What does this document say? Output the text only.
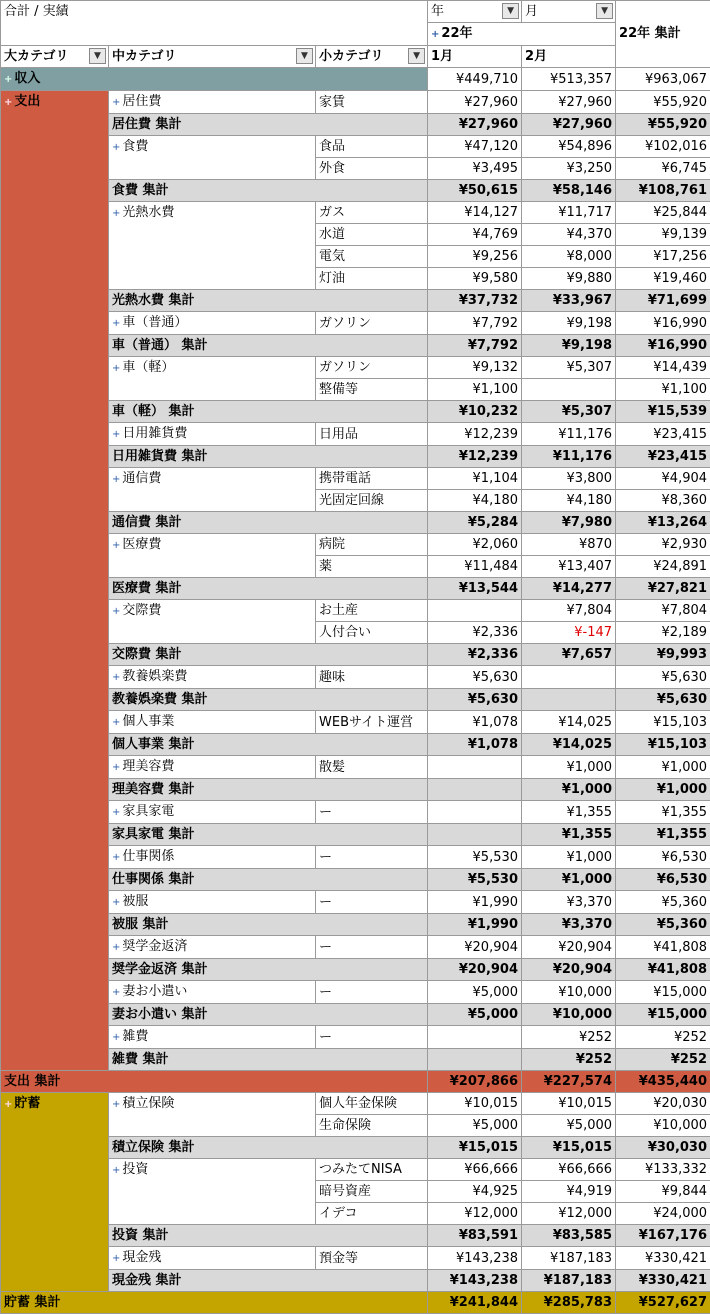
合計 / 実績			年 ▼	月 ▼	

			+ 22年		22年 集計
大カテゴリ ▼	中カテゴリ ▼	小カテゴリ ▼	1月	2月	
+ 収入			¥449,710	¥513,357	¥963,067
+ 支出	+ 居住費	家賃	¥27,960	¥27,960	¥55,920
	居住費 集計		¥27,960	¥27,960	¥55,920
	+ 食費	食品	¥47,120	¥54,896	¥102,016
		外食	¥3,495	¥3,250	¥6,745
	食費 集計		¥50,615	¥58,146	¥108,761
	+ 光熱水費	ガス	¥14,127	¥11,717	¥25,844
		水道	¥4,769	¥4,370	¥9,139
		電気	¥9,256	¥8,000	¥17,256
		灯油	¥9,580	¥9,880	¥19,460
	光熱水費 集計		¥37,732	¥33,967	¥71,699
	+ 車（普通）	ガソリン	¥7,792	¥9,198	¥16,990
	車（普通） 集計		¥7,792	¥9,198	¥16,990
	+ 車（軽）	ガソリン	¥9,132	¥5,307	¥14,439
		整備等	¥1,100		¥1,100
	車（軽） 集計		¥10,232	¥5,307	¥15,539
	+ 日用雑貨費	日用品	¥12,239	¥11,176	¥23,415
	日用雑貨費 集計		¥12,239	¥11,176	¥23,415
	+ 通信費	携帯電話	¥1,104	¥3,800	¥4,904
		光固定回線	¥4,180	¥4,180	¥8,360
	通信費 集計		¥5,284	¥7,980	¥13,264
	+ 医療費	病院	¥2,060	¥870	¥2,930
		薬	¥11,484	¥13,407	¥24,891
	医療費 集計		¥13,544	¥14,277	¥27,821
	+ 交際費	お土産		¥7,804	¥7,804
		人付合い	¥2,336	¥-147	¥2,189
	交際費 集計		¥2,336	¥7,657	¥9,993
	+ 教養娯楽費	趣味	¥5,630		¥5,630
	教養娯楽費 集計		¥5,630		¥5,630
	+ 個人事業	WEBサイト運営	¥1,078	¥14,025	¥15,103
	個人事業 集計		¥1,078	¥14,025	¥15,103
	+ 理美容費	散髪		¥1,000	¥1,000
	理美容費 集計			¥1,000	¥1,000
	+ 家具家電	ー		¥1,355	¥1,355
	家具家電 集計			¥1,355	¥1,355
	+ 仕事関係	ー	¥5,530	¥1,000	¥6,530
	仕事関係 集計		¥5,530	¥1,000	¥6,530
	+ 被服	ー	¥1,990	¥3,370	¥5,360
	被服 集計		¥1,990	¥3,370	¥5,360
	+ 奨学金返済	ー	¥20,904	¥20,904	¥41,808
	奨学金返済 集計		¥20,904	¥20,904	¥41,808
	+ 妻お小遣い	ー	¥5,000	¥10,000	¥15,000
	妻お小遣い 集計		¥5,000	¥10,000	¥15,000
	+ 雑費	ー		¥252	¥252
	雑費 集計			¥252	¥252
支出 集計			¥207,866	¥227,574	¥435,440
+ 貯蓄	+ 積立保険	個人年金保険	¥10,015	¥10,015	¥20,030
		生命保険	¥5,000	¥5,000	¥10,000
	積立保険 集計		¥15,015	¥15,015	¥30,030
	+ 投資	つみたてNISA	¥66,666	¥66,666	¥133,332
		暗号資産	¥4,925	¥4,919	¥9,844
		イデコ	¥12,000	¥12,000	¥24,000
	投資 集計		¥83,591	¥83,585	¥167,176
	+ 現金残	預金等	¥143,238	¥187,183	¥330,421
	現金残 集計		¥143,238	¥187,183	¥330,421
貯蓄 集計			¥241,844	¥285,783	¥527,627
